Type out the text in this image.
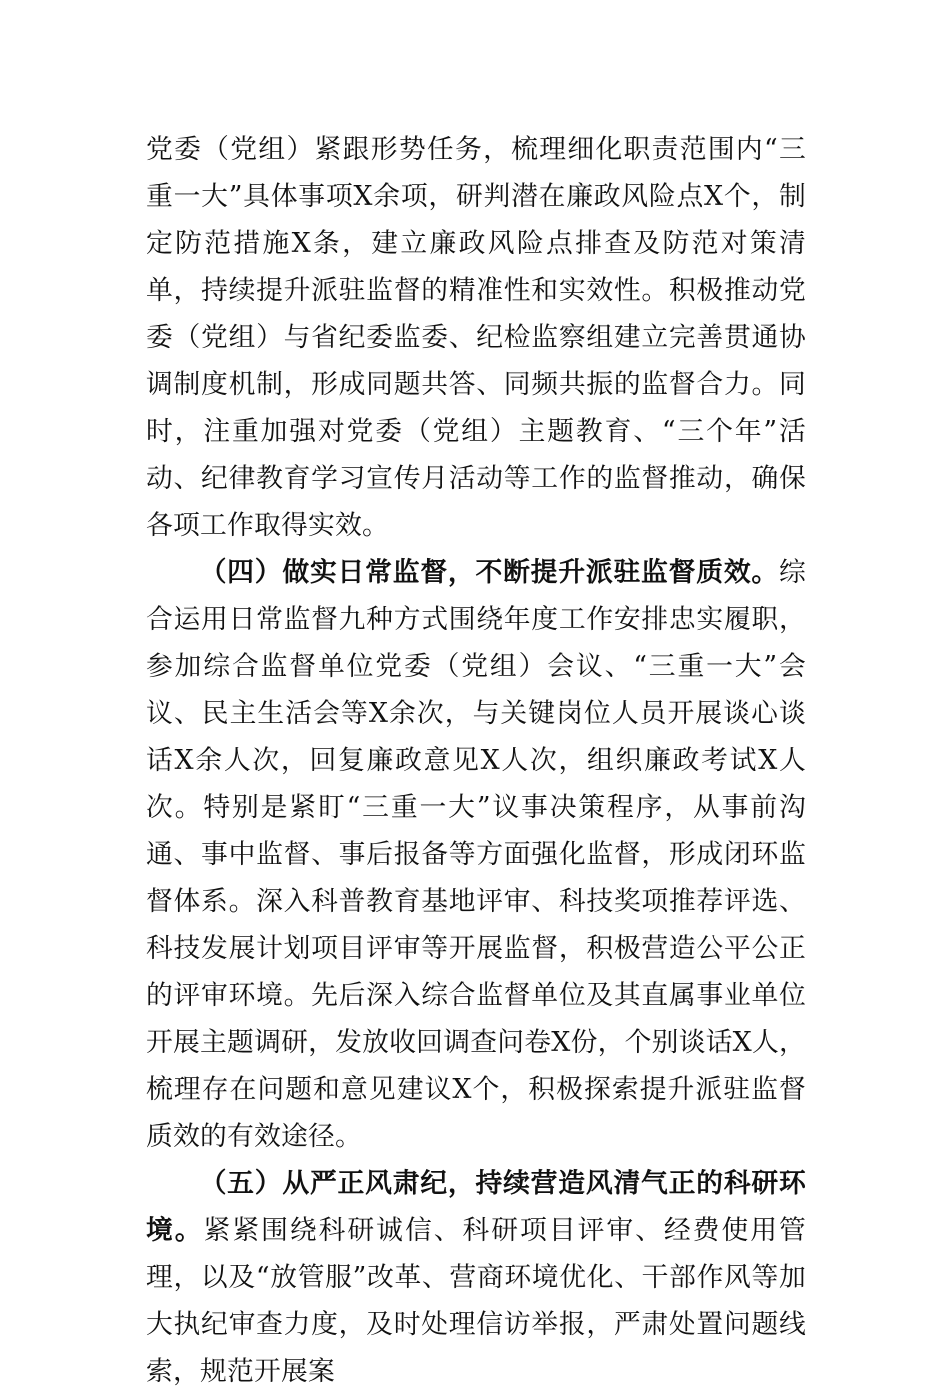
党委（党组）紧跟形势任务，梳理细化职责范围内“三重一大”具体事项X余项，研判潜在廉政风险点X个，制定防范措施X条，建立廉政风险点排查及防范对策清单，持续提升派驻监督的精准性和实效性。积极推动党委（党组）与省纪委监委、纪检监察组建立完善贯通协调制度机制，形成同题共答、同频共振的监督合力。同时，注重加强对党委（党组）主题教育、“三个年”活动、纪律教育学习宣传月活动等工作的监督推动，确保各项工作取得实效。

（四）做实日常监督，不断提升派驻监督质效。综合运用日常监督九种方式围绕年度工作安排忠实履职，参加综合监督单位党委（党组）会议、“三重一大”会议、民主生活会等X余次，与关键岗位人员开展谈心谈话X余人次，回复廉政意见X人次，组织廉政考试X人次。特别是紧盯“三重一大”议事决策程序，从事前沟通、事中监督、事后报备等方面强化监督，形成闭环监督体系。深入科普教育基地评审、科技奖项推荐评选、科技发展计划项目评审等开展监督，积极营造公平公正的评审环境。先后深入综合监督单位及其直属事业单位开展主题调研，发放收回调查问卷X份，个别谈话X人，梳理存在问题和意见建议X个，积极探索提升派驻监督质效的有效途径。

（五）从严正风肃纪，持续营造风清气正的科研环境。紧紧围绕科研诚信、科研项目评审、经费使用管理，以及“放管服”改革、营商环境优化、干部作风等加大执纪审查力度，及时处理信访举报，严肃处置问题线索，规范开展案
